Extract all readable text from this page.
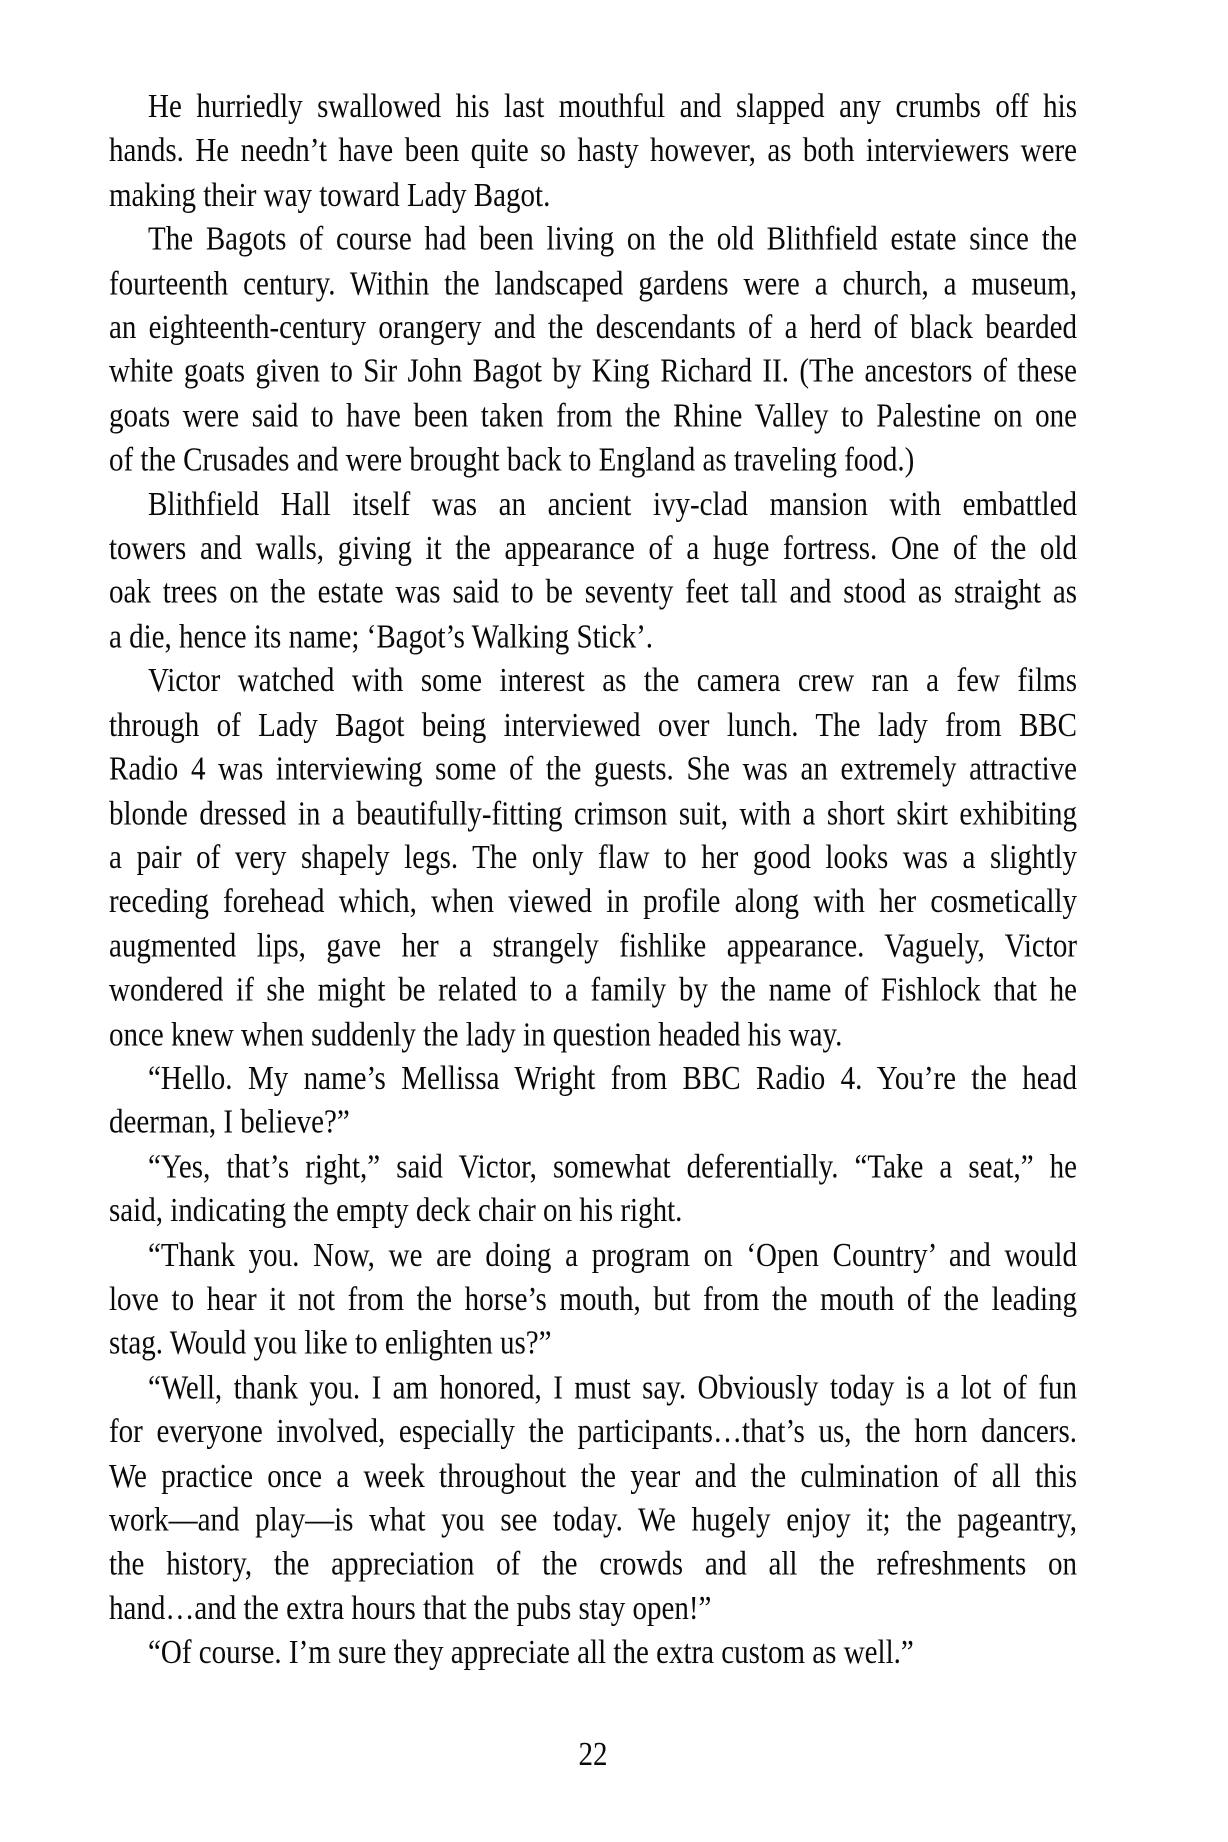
He hurriedly swallowed his last mouthful and slapped any crumbs off his
hands. He needn’t have been quite so hasty however, as both interviewers were
making their way toward Lady Bagot.
The Bagots of course had been living on the old Blithfield estate since the
fourteenth century. Within the landscaped gardens were a church, a museum,
an eighteenth-century orangery and the descendants of a herd of black bearded
white goats given to Sir John Bagot by King Richard II. (The ancestors of these
goats were said to have been taken from the Rhine Valley to Palestine on one
of the Crusades and were brought back to England as traveling food.)
Blithfield Hall itself was an ancient ivy-clad mansion with embattled
towers and walls, giving it the appearance of a huge fortress. One of the old
oak trees on the estate was said to be seventy feet tall and stood as straight as
a die, hence its name; ‘Bagot’s Walking Stick’.
Victor watched with some interest as the camera crew ran a few films
through of Lady Bagot being interviewed over lunch. The lady from BBC
Radio 4 was interviewing some of the guests. She was an extremely attractive
blonde dressed in a beautifully-fitting crimson suit, with a short skirt exhibiting
a pair of very shapely legs. The only flaw to her good looks was a slightly
receding forehead which, when viewed in profile along with her cosmetically
augmented lips, gave her a strangely fishlike appearance. Vaguely, Victor
wondered if she might be related to a family by the name of Fishlock that he
once knew when suddenly the lady in question headed his way.
“Hello. My name’s Mellissa Wright from BBC Radio 4. You’re the head
deerman, I believe?”
“Yes, that’s right,” said Victor, somewhat deferentially. “Take a seat,” he
said, indicating the empty deck chair on his right.
“Thank you. Now, we are doing a program on ‘Open Country’ and would
love to hear it not from the horse’s mouth, but from the mouth of the leading
stag. Would you like to enlighten us?”
“Well, thank you. I am honored, I must say. Obviously today is a lot of fun
for everyone involved, especially the participants…that’s us, the horn dancers.
We practice once a week throughout the year and the culmination of all this
work—and play—is what you see today. We hugely enjoy it; the pageantry,
the history, the appreciation of the crowds and all the refreshments on
hand…and the extra hours that the pubs stay open!”
“Of course. I’m sure they appreciate all the extra custom as well.”
22
